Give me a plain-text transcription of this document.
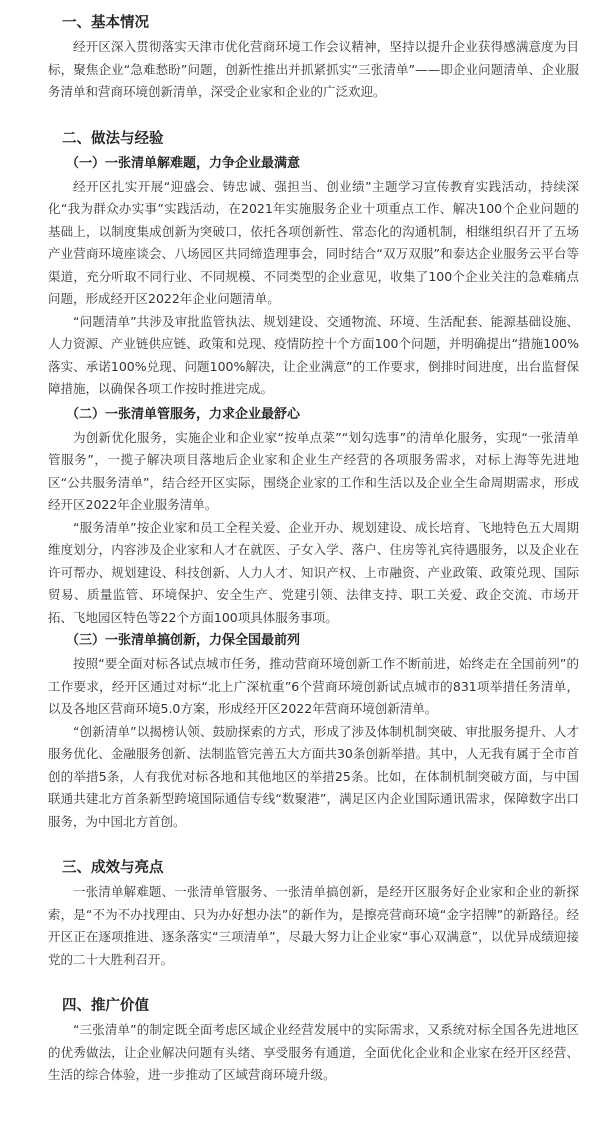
一、基本情况

经开区深入贯彻落实天津市优化营商环境工作会议精神，坚持以提升企业获得感满意度为目标，聚焦企业“急难愁盼”问题，创新性推出并抓紧抓实“三张清单”——即企业问题清单、企业服务清单和营商环境创新清单，深受企业家和企业的广泛欢迎。

二、做法与经验
（一）一张清单解难题，力争企业最满意

经开区扎实开展“迎盛会、铸忠诚、强担当、创业绩”主题学习宣传教育实践活动，持续深化“我为群众办实事”实践活动，在2021年实施服务企业十项重点工作、解决100个企业问题的基础上，以制度集成创新为突破口，依托各项创新性、常态化的沟通机制，相继组织召开了五场产业营商环境座谈会、八场园区共同缔造理事会，同时结合“双万双服”和泰达企业服务云平台等渠道，充分听取不同行业、不同规模、不同类型的企业意见，收集了100个企业关注的急难痛点问题，形成经开区2022年企业问题清单。

“问题清单”共涉及审批监管执法、规划建设、交通物流、环境、生活配套、能源基础设施、人力资源、产业链供应链、政策和兑现、疫情防控十个方面100个问题，并明确提出“措施100%落实、承诺100%兑现、问题100%解决，让企业满意”的工作要求，倒排时间进度，出台监督保障措施，以确保各项工作按时推进完成。

（二）一张清单管服务，力求企业最舒心

为创新优化服务，实施企业和企业家“按单点菜”“划勾选事”的清单化服务，实现“一张清单管服务”，一揽子解决项目落地后企业家和企业生产经营的各项服务需求，对标上海等先进地区“公共服务清单”，结合经开区实际，围绕企业家的工作和生活以及企业全生命周期需求，形成经开区2022年企业服务清单。

“服务清单”按企业家和员工全程关爱、企业开办、规划建设、成长培育、飞地特色五大周期维度划分，内容涉及企业家和人才在就医、子女入学、落户、住房等礼宾待遇服务，以及企业在许可帮办、规划建设、科技创新、人力人才、知识产权、上市融资、产业政策、政策兑现、国际贸易、质量监管、环境保护、安全生产、党建引领、法律支持、职工关爱、政企交流、市场开拓、飞地园区特色等22个方面100项具体服务事项。

（三）一张清单搞创新，力保全国最前列

按照“要全面对标各试点城市任务，推动营商环境创新工作不断前进，始终走在全国前列”的工作要求，经开区通过对标“北上广深杭重”6个营商环境创新试点城市的831项举措任务清单，以及各地区营商环境5.0方案，形成经开区2022年营商环境创新清单。

“创新清单”以揭榜认领、鼓励探索的方式，形成了涉及体制机制突破、审批服务提升、人才服务优化、金融服务创新、法制监管完善五大方面共30条创新举措。其中，人无我有属于全市首创的举措5条，人有我优对标各地和其他地区的举措25条。比如，在体制机制突破方面，与中国联通共建北方首条新型跨境国际通信专线“数聚港”，满足区内企业国际通讯需求，保障数字出口服务，为中国北方首创。

三、成效与亮点

一张清单解难题、一张清单管服务、一张清单搞创新，是经开区服务好企业家和企业的新探索，是“不为不办找理由、只为办好想办法”的新作为，是擦亮营商环境“金字招牌”的新路径。经开区正在逐项推进、逐条落实“三项清单”，尽最大努力让企业家“事心双满意”，以优异成绩迎接党的二十大胜利召开。

四、推广价值

“三张清单”的制定既全面考虑区域企业经营发展中的实际需求，又系统对标全国各先进地区的优秀做法，让企业解决问题有头绪、享受服务有通道，全面优化企业和企业家在经开区经营、生活的综合体验，进一步推动了区域营商环境升级。
